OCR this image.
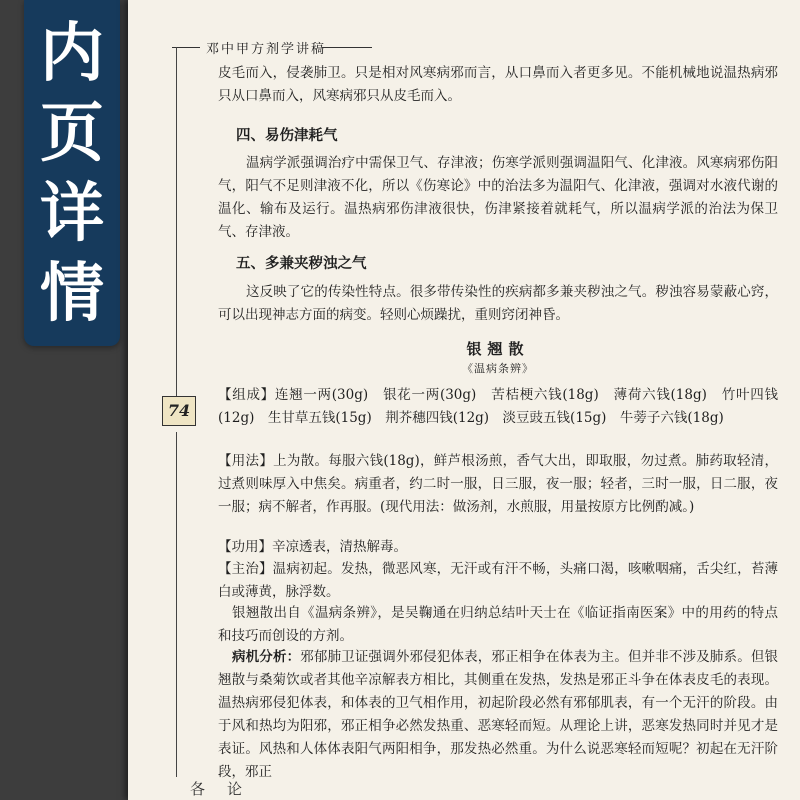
内
页
详
情
邓中甲方剂学讲稿
74

皮毛而入，侵袭肺卫。只是相对风寒病邪而言，从口鼻而入者更多见。不能机械地说温热病邪只从口鼻而入，风寒病邪只从皮毛而入。

四、易伤津耗气

温病学派强调治疗中需保卫气、存津液；伤寒学派则强调温阳气、化津液。风寒病邪伤阳气，阳气不足则津液不化，所以《伤寒论》中的治法多为温阳气、化津液，强调对水液代谢的温化、输布及运行。温热病邪伤津液很快，伤津紧接着就耗气，所以温病学派的治法为保卫气、存津液。

五、多兼夹秽浊之气

这反映了它的传染性特点。很多带传染性的疾病都多兼夹秽浊之气。秽浊容易蒙蔽心窍，可以出现神志方面的病变。轻则心烦躁扰，重则窍闭神昏。

银翘散
《温病条辨》

【组成】连翘一两(30g)　银花一两(30g)　苦桔梗六钱(18g)　薄荷六钱(18g)　竹叶四钱(12g)　生甘草五钱(15g)　荆芥穗四钱(12g)　淡豆豉五钱(15g)　牛蒡子六钱(18g)

【用法】上为散。每服六钱(18g)，鲜芦根汤煎，香气大出，即取服，勿过煮。肺药取轻清，过煮则味厚入中焦矣。病重者，约二时一服，日三服，夜一服；轻者，三时一服，日二服，夜一服；病不解者，作再服。(现代用法：做汤剂，水煎服，用量按原方比例酌减。)

【功用】辛凉透表，清热解毒。

【主治】温病初起。发热，微恶风寒，无汗或有汗不畅，头痛口渴，咳嗽咽痛，舌尖红，苔薄白或薄黄，脉浮数。

银翘散出自《温病条辨》，是吴鞠通在归纳总结叶天士在《临证指南医案》中的用药的特点和技巧而创设的方剂。

病机分析：邪郁肺卫证强调外邪侵犯体表，邪正相争在体表为主。但并非不涉及肺系。但银翘散与桑菊饮或者其他辛凉解表方相比，其侧重在发热，发热是邪正斗争在体表皮毛的表现。温热病邪侵犯体表，和体表的卫气相作用，初起阶段必然有邪郁肌表，有一个无汗的阶段。由于风和热均为阳邪，邪正相争必然发热重、恶寒轻而短。从理论上讲，恶寒发热同时并见才是表证。风热和人体体表阳气两阳相争，那发热必然重。为什么说恶寒轻而短呢？初起在无汗阶段，邪正

各论
